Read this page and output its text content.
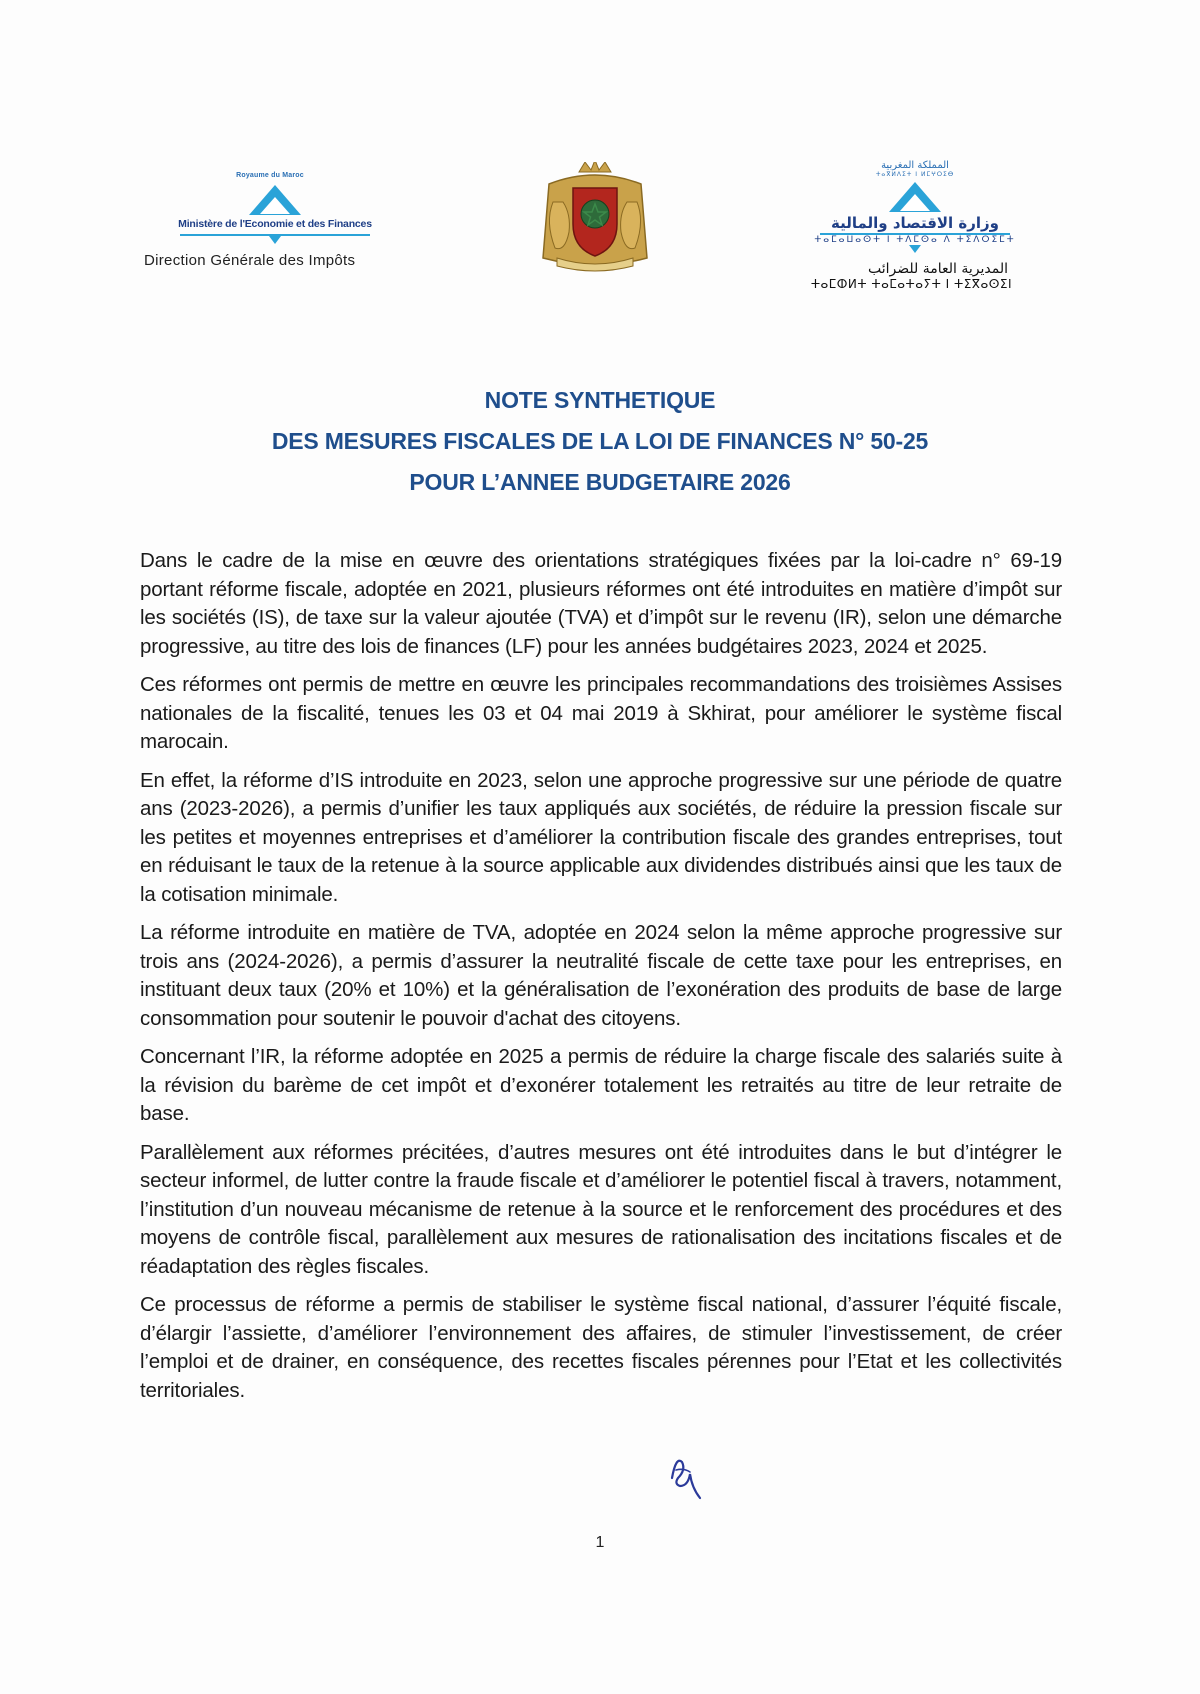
Royaume du Maroc
Ministère de l'Economie et des Finances
Direction Générale des Impôts
المملكة المغربية
ⵜⴰⴳⵍⴷⵉⵜ ⵏ ⵍⵎⵖⵔⵉⴱ
وزارة الاقتصاد والمالية
ⵜⴰⵎⴰⵡⴰⵙⵜ ⵏ ⵜⴷⵎⵙⴰ ⴷ ⵜⵉⴷⵔⵉⵎⵜ
المديرية العامة للضرائب
ⵜⴰⵎⵀⵍⵜ ⵜⴰⵎⴰⵜⴰⵢⵜ ⵏ ⵜⵉⴳⴰⵙⵉⵏ
NOTE SYNTHETIQUE
DES MESURES FISCALES DE LA LOI DE FINANCES N° 50-25
POUR L’ANNEE BUDGETAIRE 2026

Dans le cadre de la mise en œuvre des orientations stratégiques fixées par la loi-cadre n° 69-19 portant réforme fiscale, adoptée en 2021, plusieurs réformes ont été introduites en matière d’impôt sur les sociétés (IS), de taxe sur la valeur ajoutée (TVA) et d’impôt sur le revenu (IR), selon une démarche progressive, au titre des lois de finances (LF) pour les années budgétaires 2023, 2024 et 2025.

Ces réformes ont permis de mettre en œuvre les principales recommandations des troisièmes Assises nationales de la fiscalité, tenues les 03 et 04 mai 2019 à Skhirat, pour améliorer le système fiscal marocain.

En effet, la réforme d’IS introduite en 2023, selon une approche progressive sur une période de quatre ans (2023-2026), a permis d’unifier les taux appliqués aux sociétés, de réduire la pression fiscale sur les petites et moyennes entreprises et d’améliorer la contribution fiscale des grandes entreprises, tout en réduisant le taux de la retenue à la source applicable aux dividendes distribués ainsi que les taux de la cotisation minimale.

La réforme introduite en matière de TVA, adoptée en 2024 selon la même approche progressive sur trois ans (2024-2026), a permis d’assurer la neutralité fiscale de cette taxe pour les entreprises, en instituant deux taux (20% et 10%) et la généralisation de l’exonération des produits de base de large consommation pour soutenir le pouvoir d'achat des citoyens.

Concernant l’IR, la réforme adoptée en 2025 a permis de réduire la charge fiscale des salariés suite à la révision du barème de cet impôt et d’exonérer totalement les retraités au titre de leur retraite de base.

Parallèlement aux réformes précitées, d’autres mesures ont été introduites dans le but d’intégrer le secteur informel, de lutter contre la fraude fiscale et d’améliorer le potentiel fiscal à travers, notamment, l’institution d’un nouveau mécanisme de retenue à la source et le renforcement des procédures et des moyens de contrôle fiscal, parallèlement aux mesures de rationalisation des incitations fiscales et de réadaptation des règles fiscales.

Ce processus de réforme a permis de stabiliser le système fiscal national, d’assurer l’équité fiscale, d’élargir l’assiette, d’améliorer l’environnement des affaires, de stimuler l’investissement, de créer l’emploi et de drainer, en conséquence, des recettes fiscales pérennes pour l’Etat et les collectivités territoriales.

1
